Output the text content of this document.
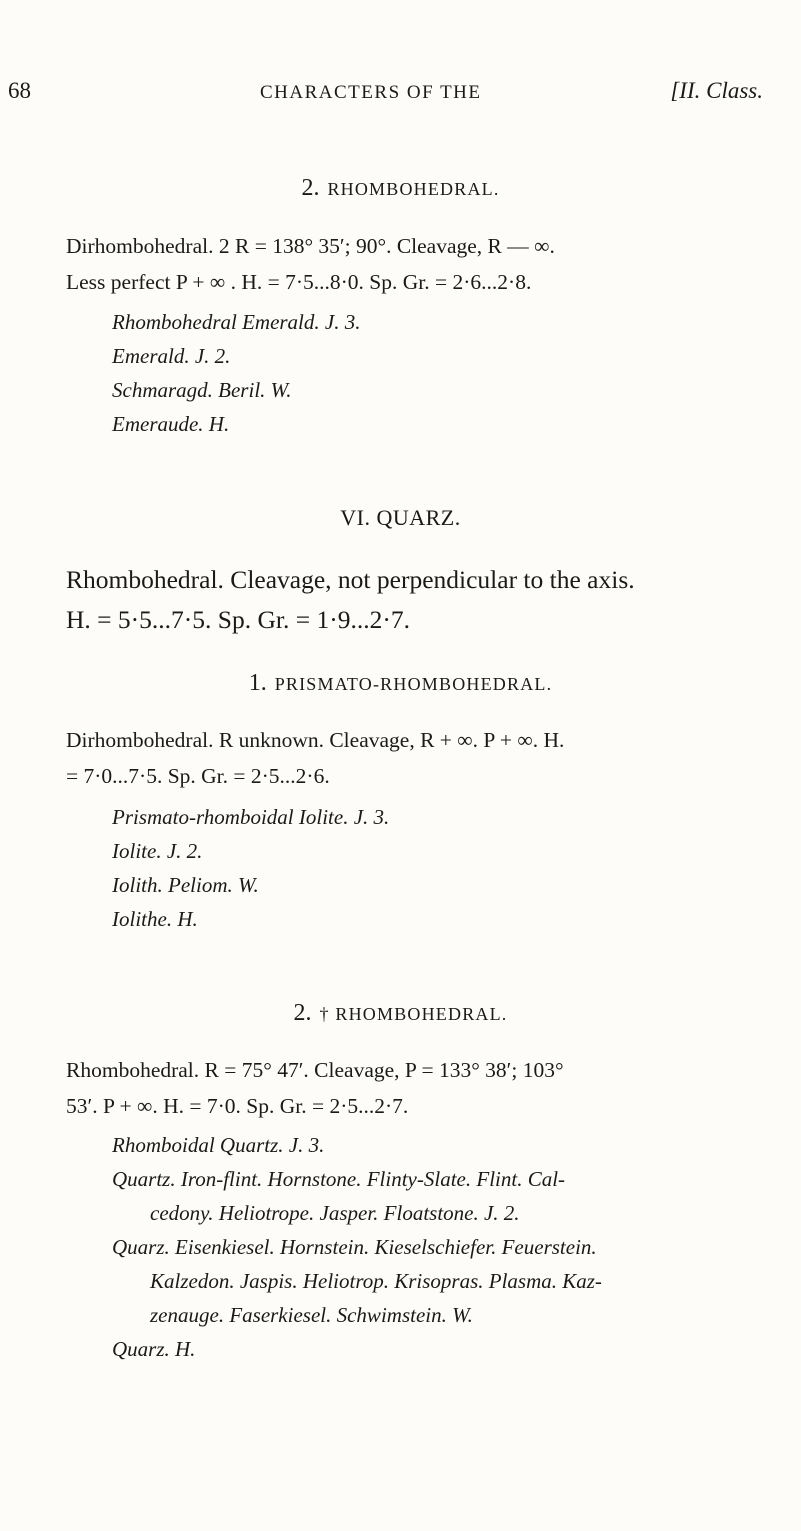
68	CHARACTERS OF THE	[II. Class.
2. RHOMBOHEDRAL.
Dirhombohedral. 2 R = 138° 35′; 90°. Cleavage, R — ∞.
Less perfect P + ∞ . H. = 7·5...8·0. Sp. Gr. = 2·6...2·8.
Rhombohedral Emerald. J. 3.
Emerald. J. 2.
Schmaragd. Beril. W.
Emeraude. H.
VI. QUARZ.
Rhombohedral. Cleavage, not perpendicular to the axis.
H. = 5·5...7·5. Sp. Gr. = 1·9...2·7.
1. PRISMATO-RHOMBOHEDRAL.
Dirhombohedral. R unknown. Cleavage, R + ∞. P + ∞. H.
= 7·0...7·5. Sp. Gr. = 2·5...2·6.
Prismato-rhomboidal Iolite. J. 3.
Iolite. J. 2.
Iolith. Peliom. W.
Iolithe. H.
2. † RHOMBOHEDRAL.
Rhombohedral. R = 75° 47′. Cleavage, P = 133° 38′; 103°
53′. P + ∞. H. = 7·0. Sp. Gr. = 2·5...2·7.
Rhomboidal Quartz. J. 3.
Quartz. Iron-flint. Hornstone. Flinty-Slate. Flint. Cal-
cedony. Heliotrope. Jasper. Floatstone. J. 2.
Quarz. Eisenkiesel. Hornstein. Kieselschiefer. Feuerstein.
Kalzedon. Jaspis. Heliotrop. Krisopras. Plasma. Kaz-
zenauge. Faserkiesel. Schwimstein. W.
Quarz. H.
